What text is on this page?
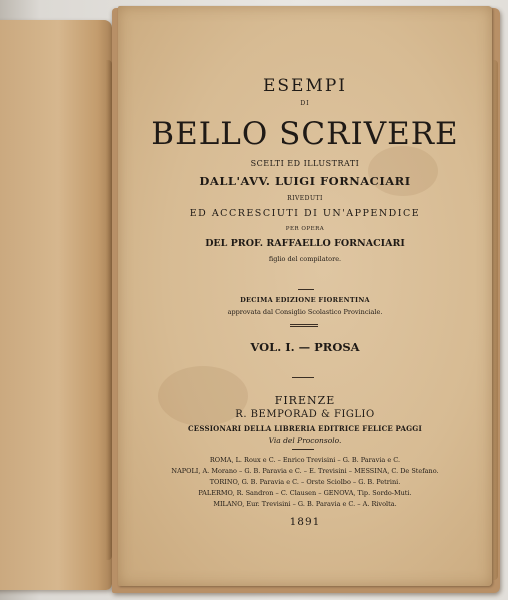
ESEMPI
DI
BELLO SCRIVERE
SCELTI ED ILLUSTRATI
DALL'AVV. LUIGI FORNACIARI
RIVEDUTI
ED ACCRESCIUTI DI UN'APPENDICE
PER OPERA
DEL PROF. RAFFAELLO FORNACIARI
figlio del compilatore.
DECIMA EDIZIONE FIORENTINA
approvata dal Consiglio Scolastico Provinciale.
VOL. I. — PROSA
FIRENZE
R. BEMPORAD & FIGLIO
CESSIONARI DELLA LIBRERIA EDITRICE FELICE PAGGI
Via del Proconsolo.
ROMA, L. Roux e C. – Enrico Trevisini – G. B. Paravia e C.
NAPOLI, A. Morano – G. B. Paravia e C. – E. Trevisini – MESSINA, C. De Stefano.
TORINO, G. B. Paravia e C. – Orste Sciolbo – G. B. Petrini.
PALERMO, R. Sandron – C. Clausen – GENOVA, Tip. Sordo-Muti.
MILANO, Eur. Trevisini – G. B. Paravia e C. – A. Rivolta.
1891
